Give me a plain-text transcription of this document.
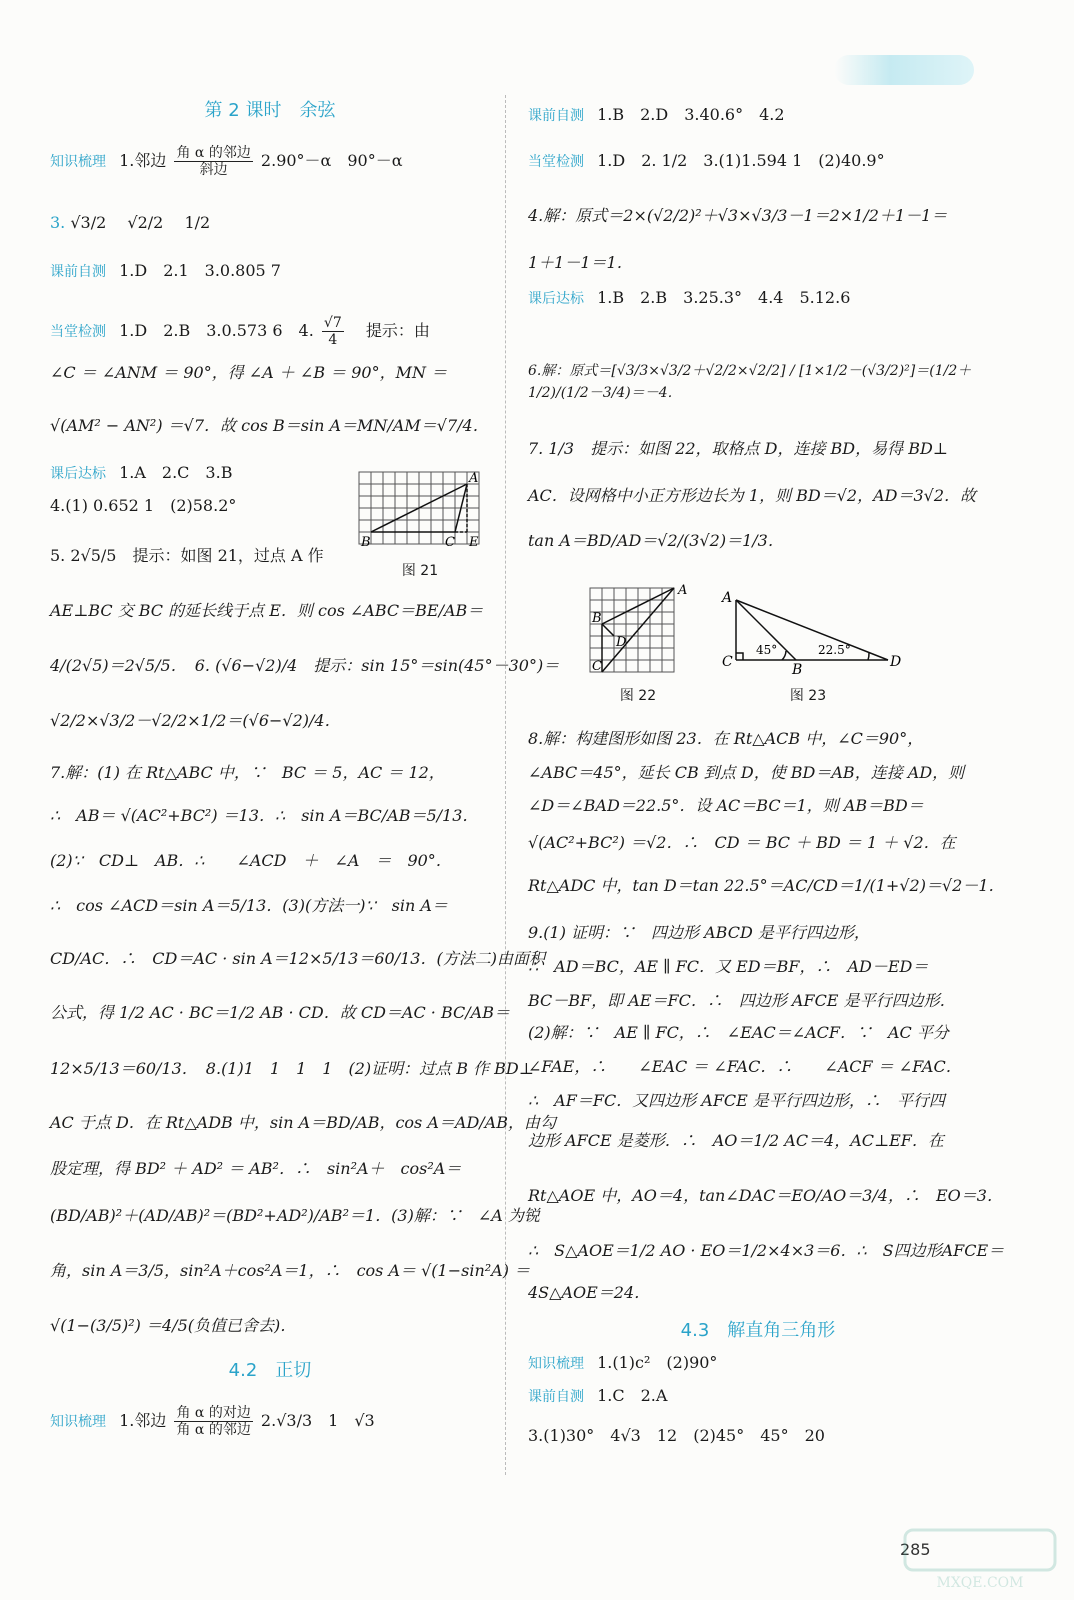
第 2 课时　余弦
知识梳理 1.邻边 $\frac{\text{角 α 的邻边}}{\text{斜边}} 2.90^\circ-\alpha$　90°－α
3. √3/2　 √2/2　 1/2
课前自测 1.D　2.1　3.0.805 7
当堂检测 1.D　2.B　3.0.573 6　4. $\frac{√7}{4}$ 提示：由
∠C ＝ ∠ANM ＝ 90°，得 ∠A ＋ ∠B ＝ 90°，MN ＝
√(AM² − AN²) ＝√7．故 cos B＝sin A＝MN/AM＝√7/4．
课后达标 1.A　2.C　3.B
4.(1) 0.652 1　(2)58.2°
5. 2√5/5　提示：如图 21，过点 A 作
A
B	C E
图 21
AE⊥BC 交 BC 的延长线于点 E．则 cos ∠ABC＝BE/AB＝
4/(2√5)＝2√5/5．　6. (√6−√2)/4　提示：sin 15°＝sin(45°－30°)＝
√2/2×√3/2－√2/2×1/2＝(√6−√2)/4．
7.解：(1) 在 Rt△ABC 中，∵　BC ＝ 5，AC ＝ 12，
∴　AB＝ √(AC²+BC²) ＝13．∴　sin A＝BC/AB＝5/13．
(2)∵　CD⊥　AB．∴　　∠ACD　＋　∠A　＝　90°．
∴　cos ∠ACD＝sin A＝5/13．(3)(方法一)∵　sin A＝
CD/AC．∴　CD＝AC · sin A＝12×5/13＝60/13．(方法二)由面积
公式，得 1/2 AC · BC＝1/2 AB · CD．故 CD＝AC · BC/AB＝
12×5/13＝60/13．　8.(1)1　1　1　1　(2)证明：过点 B 作 BD⊥
AC 于点 D．在 Rt△ADB 中，sin A＝BD/AB，cos A＝AD/AB，由勾
股定理，得 BD² ＋ AD² ＝ AB²．∴　sin²A＋　cos²A＝
(BD/AB)²＋(AD/AB)²＝(BD²+AD²)/AB²＝1．(3)解：∵　∠A 为锐
角，sin A＝3/5，sin²A＋cos²A＝1，∴　cos A＝ √(1−sin²A) ＝
√(1−(3/5)²) ＝4/5(负值已舍去)．
4.2　正切
知识梳理 1.邻边 $\frac{\text{角 α 的对边}}{\text{角 α 的邻边}} 2.√3/3$　1　√3
课前自测 1.B　2.D　3.40.6°　4.2
当堂检测 1.D　2. 1/2　3.(1)1.594 1　(2)40.9°
4.解：原式＝2×(√2/2)²＋√3×√3/3－1＝2×1/2＋1－1＝
1＋1－1＝1．
课后达标 1.B　2.B　3.25.3°　4.4　5.12.6
6.解：原式＝[√3/3×√3/2＋√2/2×√2/2] / [1×1/2－(√3/2)²]＝(1/2＋1/2)/(1/2－3/4)＝－4．
7. 1/3　提示：如图 22，取格点 D，连接 BD，易得 BD⊥
AC．设网格中小正方形边长为 1，则 BD＝√2，AD＝3√2．故
tan A＝BD/AD＝√2/(3√2)＝1/3．
A
B
C
D
图 22
A
C	B	D
45°	22.5°
图 23
8.解：构建图形如图 23．在 Rt△ACB 中，∠C＝90°，
∠ABC＝45°，延长 CB 到点 D，使 BD＝AB，连接 AD，则
∠D＝∠BAD＝22.5°．设 AC＝BC＝1，则 AB＝BD＝
√(AC²+BC²) ＝√2．∴　CD ＝ BC ＋ BD ＝ 1 ＋ √2．在
Rt△ADC 中，tan D＝tan 22.5°＝AC/CD＝1/(1+√2)＝√2－1．
9.(1) 证明：∵　四边形 ABCD 是平行四边形，
∴　AD＝BC，AE ∥ FC．又 ED＝BF，∴　AD－ED＝
BC－BF，即 AE＝FC．∴　四边形 AFCE 是平行四边形．
(2)解：∵　AE ∥ FC，∴　∠EAC＝∠ACF．∵　AC 平分
∠FAE，∴　　∠EAC ＝ ∠FAC．∴　　∠ACF ＝ ∠FAC．
∴　AF＝FC．又四边形 AFCE 是平行四边形，∴　平行四
边形 AFCE 是菱形．∴　AO＝1/2 AC＝4，AC⊥EF．在
Rt△AOE 中，AO＝4，tan∠DAC＝EO/AO＝3/4，∴　EO＝3．
∴　S△AOE＝1/2 AO · EO＝1/2×4×3＝6．∴　S四边形AFCE＝
4S△AOE＝24．
4.3　解直角三角形
知识梳理 1.(1)c²　(2)90°
课前自测 1.C　2.A
3.(1)30°　4√3　12　(2)45°　45°　20
285
MXQE.COM
